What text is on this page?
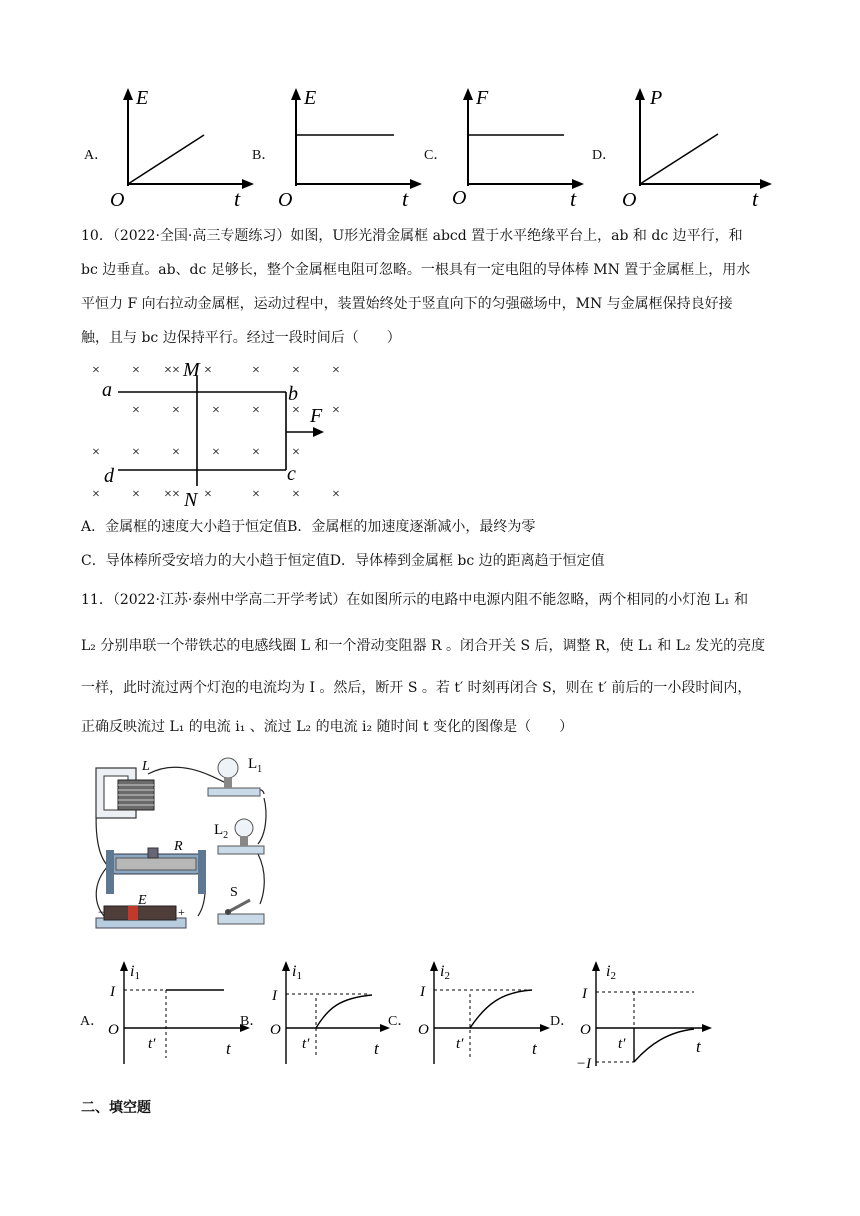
A．
E
t
O
B．
E
t
O
C．
F
t
O
D．
P
t
O
10．（2022·全国·高三专题练习）如图，U形光滑金属框 abcd 置于水平绝缘平台上，ab 和 dc 边平行，和
bc 边垂直。ab、dc 足够长，整个金属框电阻可忽略。一根具有一定电阻的导体棒 MN 置于金属框上，用水
平恒力 F 向右拉动金属框，运动过程中，装置始终处于竖直向下的匀强磁场中，MN 与金属框保持良好接
触，且与 bc 边保持平行。经过一段时间后（　　）
× × ×	× × ×
× × × × ×
× × × × × ×
× × ×	× × ×
× ×
× ×
×
M
N
a	b
c
d
F
A．金属框的速度大小趋于恒定值B．金属框的加速度逐渐减小，最终为零
C．导体棒所受安培力的大小趋于恒定值D．导体棒到金属框 bc 边的距离趋于恒定值
11．（2022·江苏·泰州中学高二开学考试）在如图所示的电路中电源内阻不能忽略，两个相同的小灯泡 L₁ 和
L₂ 分别串联一个带铁芯的电感线圈 L 和一个滑动变阻器 R 。闭合开关 S 后，调整 R，使 L₁ 和 L₂ 发光的亮度
一样，此时流过两个灯泡的电流均为 I 。然后，断开 S 。若 t′ 时刻再闭合 S，则在 t′ 前后的一小段时间内，
正确反映流过 L₁ 的电流 i₁ 、流过 L₂ 的电流 i₂ 随时间 t 变化的图像是（　　）
L	$L_1$
$L_2$
R
E
−	+
S
A．
i1
I
O
t′	t
B．
i1
I
O
t′	t
C．
i2
I
O
t′	t
D．
i2
I
O
−I
t′	t
二、填空题
